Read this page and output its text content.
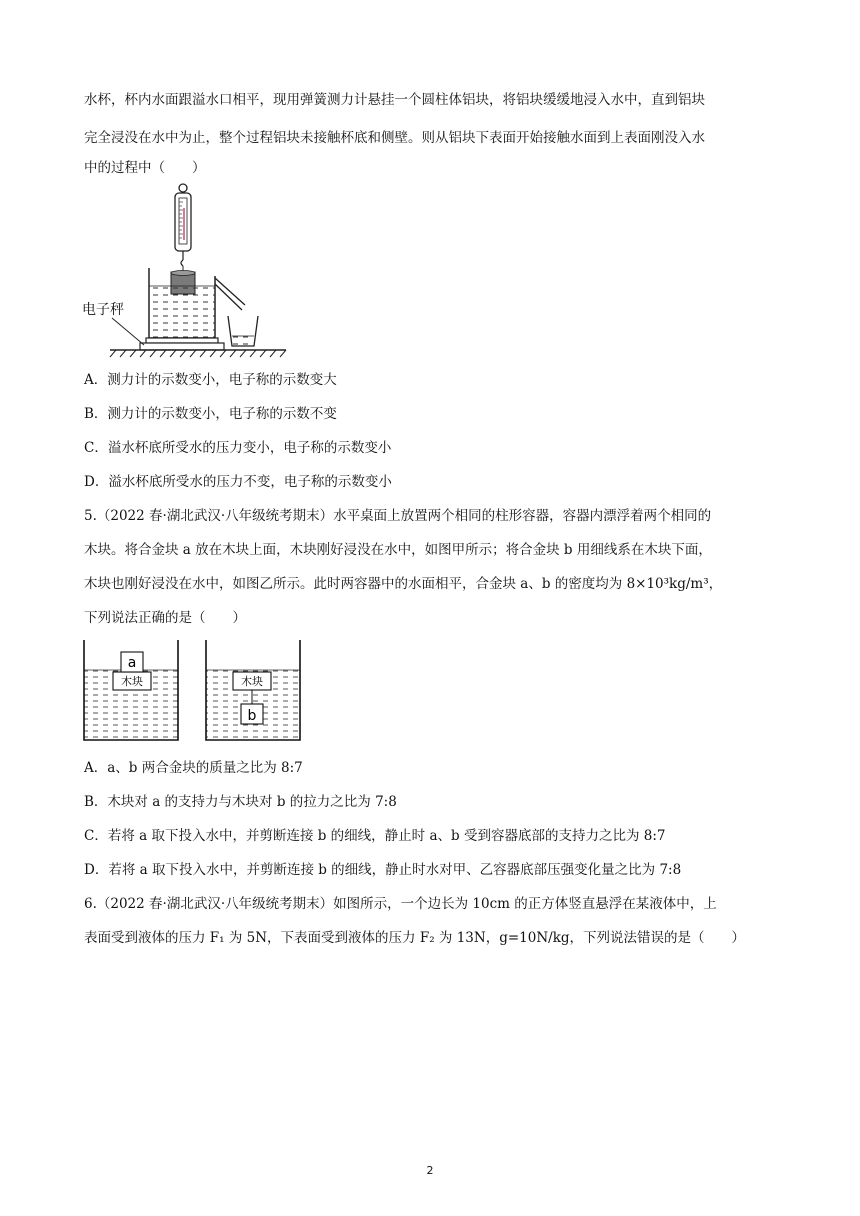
水杯，杯内水面跟溢水口相平，现用弹簧测力计悬挂一个圆柱体铝块，将铝块缓缓地浸入水中，直到铝块
完全浸没在水中为止，整个过程铝块未接触杯底和侧壁。则从铝块下表面开始接触水面到上表面刚没入水
中的过程中（　　）
电子秤
A．测力计的示数变小，电子称的示数变大
B．测力计的示数变小，电子称的示数不变
C．溢水杯底所受水的压力变小，电子称的示数变小
D．溢水杯底所受水的压力不变，电子称的示数变小
5.（2022 春·湖北武汉·八年级统考期末）水平桌面上放置两个相同的柱形容器，容器内漂浮着两个相同的
木块。将合金块 a 放在木块上面，木块刚好浸没在水中，如图甲所示；将合金块 b 用细线系在木块下面，
木块也刚好浸没在水中，如图乙所示。此时两容器中的水面相平，合金块 a、b 的密度均为 8×10³kg/m³，
下列说法正确的是（　　）
木块
a
木块
b
A．a、b 两合金块的质量之比为 8:7
B．木块对 a 的支持力与木块对 b 的拉力之比为 7:8
C．若将 a 取下投入水中，并剪断连接 b 的细线，静止时 a、b 受到容器底部的支持力之比为 8:7
D．若将 a 取下投入水中，并剪断连接 b 的细线，静止时水对甲、乙容器底部压强变化量之比为 7:8
6.（2022 春·湖北武汉·八年级统考期末）如图所示，一个边长为 10cm 的正方体竖直悬浮在某液体中，上
表面受到液体的压力 F₁ 为 5N，下表面受到液体的压力 F₂ 为 13N，g=10N/kg，下列说法错误的是（　　）
2
